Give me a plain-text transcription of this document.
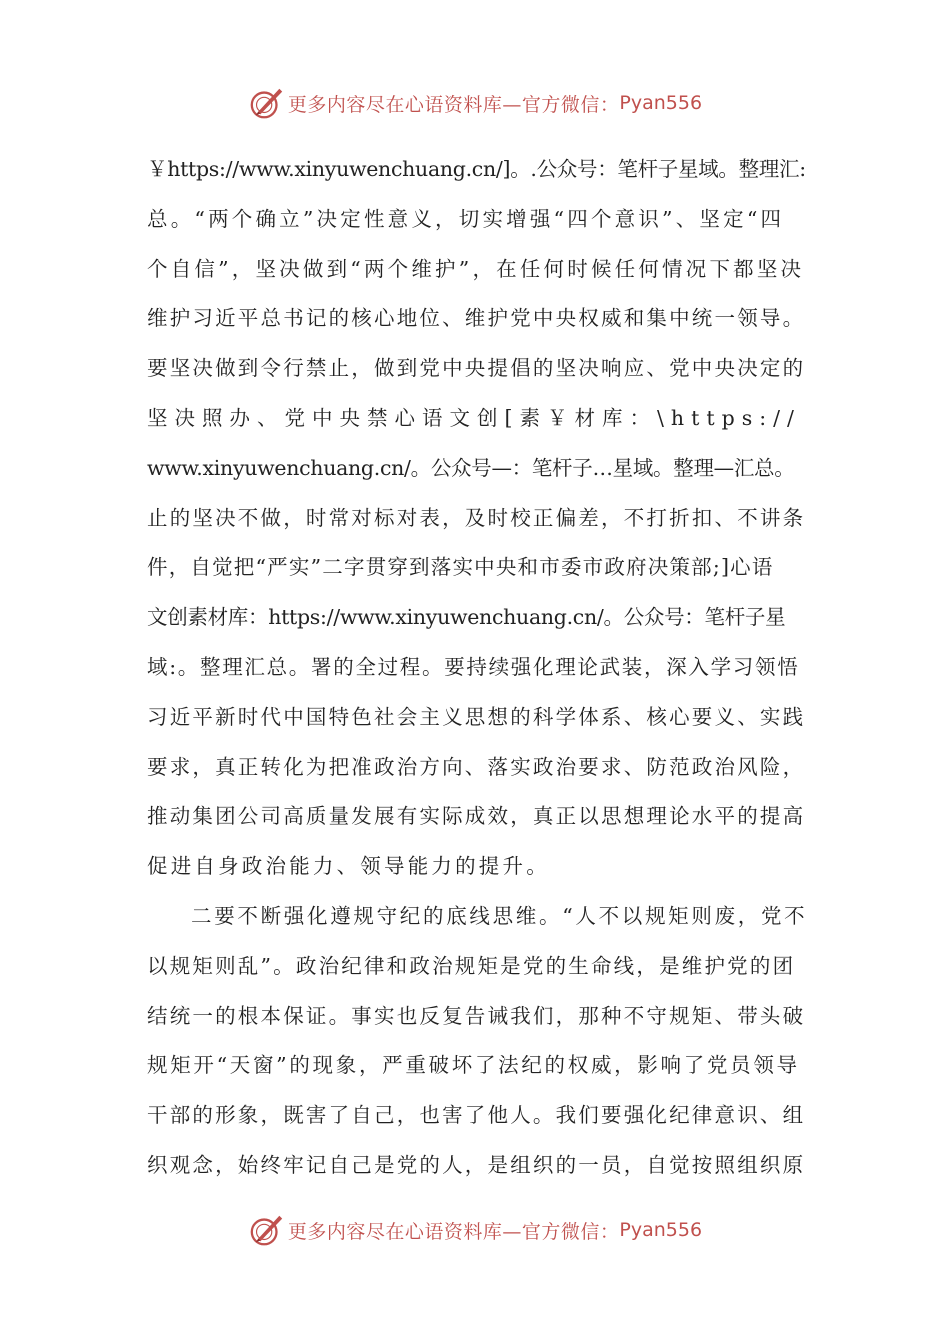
更多内容尽在心语资料库—官方微信： Pyan556
￥https://www.xinyuwenchuang.cn/]。.公众号：笔杆子星域。整理汇:
总。“两个确立”决定性意义，切实增强“四个意识”、坚定“四
个自信”，坚决做到“两个维护”，在任何时候任何情况下都坚决
维护习近平总书记的核心地位、维护党中央权威和集中统一领导。
要坚决做到令行禁止，做到党中央提倡的坚决响应、党中央决定的
坚决照办、党中央禁心语文创[素￥材库：\https://
www.xinyuwenchuang.cn/。公众号—：笔杆子…星域。整理—汇总。
止的坚决不做，时常对标对表，及时校正偏差，不打折扣、不讲条
件，自觉把“严实”二字贯穿到落实中央和市委市政府决策部;]心语
文创素材库：https://www.xinyuwenchuang.cn/。公众号：笔杆子星
域:。整理汇总。署的全过程。要持续强化理论武装，深入学习领悟
习近平新时代中国特色社会主义思想的科学体系、核心要义、实践
要求，真正转化为把准政治方向、落实政治要求、防范政治风险，
推动集团公司高质量发展有实际成效，真正以思想理论水平的提高
促进自身政治能力、领导能力的提升。
二要不断强化遵规守纪的底线思维。“人不以规矩则废，党不
以规矩则乱”。政治纪律和政治规矩是党的生命线，是维护党的团
结统一的根本保证。事实也反复告诫我们，那种不守规矩、带头破
规矩开“天窗”的现象，严重破坏了法纪的权威，影响了党员领导
干部的形象，既害了自己，也害了他人。我们要强化纪律意识、组
织观念，始终牢记自己是党的人，是组织的一员，自觉按照组织原
更多内容尽在心语资料库—官方微信： Pyan556
